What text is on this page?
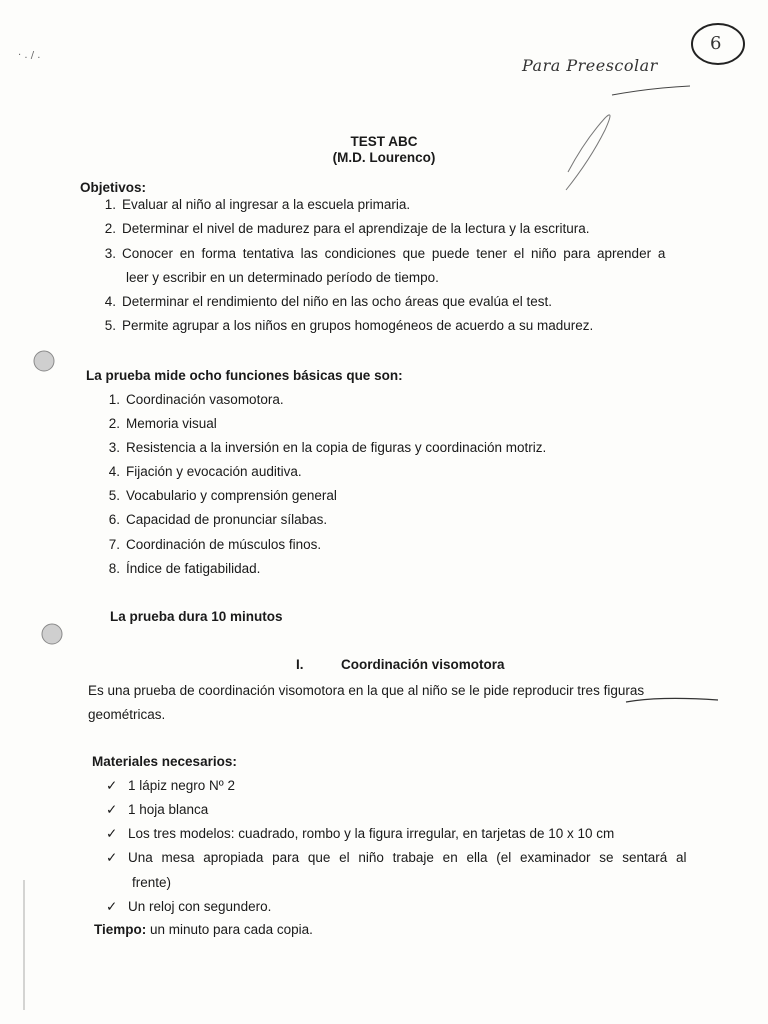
· . / .
Para Preescolar
6
TEST ABC
(M.D. Lourenco)
Objetivos:
1. Evaluar al niño al ingresar a la escuela primaria.
2. Determinar el nivel de madurez para el aprendizaje de la lectura y la escritura.
3. Conocer en forma tentativa las condiciones que puede tener el niño para aprender a
leer y escribir en un determinado período de tiempo.
4. Determinar el rendimiento del niño en las ocho áreas que evalúa el test.
5. Permite agrupar a los niños en grupos homogéneos de acuerdo a su madurez.
La prueba mide ocho funciones básicas que son:
1. Coordinación vasomotora.
2. Memoria visual
3. Resistencia a la inversión en la copia de figuras y coordinación motriz.
4. Fijación y evocación auditiva.
5. Vocabulario y comprensión general
6. Capacidad de pronunciar sílabas.
7. Coordinación de músculos finos.
8. Índice de fatigabilidad.
La prueba dura 10 minutos
I.	Coordinación visomotora
Es una prueba de coordinación visomotora en la que al niño se le pide reproducir tres figuras
geométricas.
Materiales necesarios:
✓ 1 lápiz negro Nº 2
✓ 1 hoja blanca
✓ Los tres modelos: cuadrado, rombo y la figura irregular, en tarjetas de 10 x 10 cm
✓ Una mesa apropiada para que el niño trabaje en ella (el examinador se sentará al
frente)
✓ Un reloj con segundero.
Tiempo: un minuto para cada copia.
